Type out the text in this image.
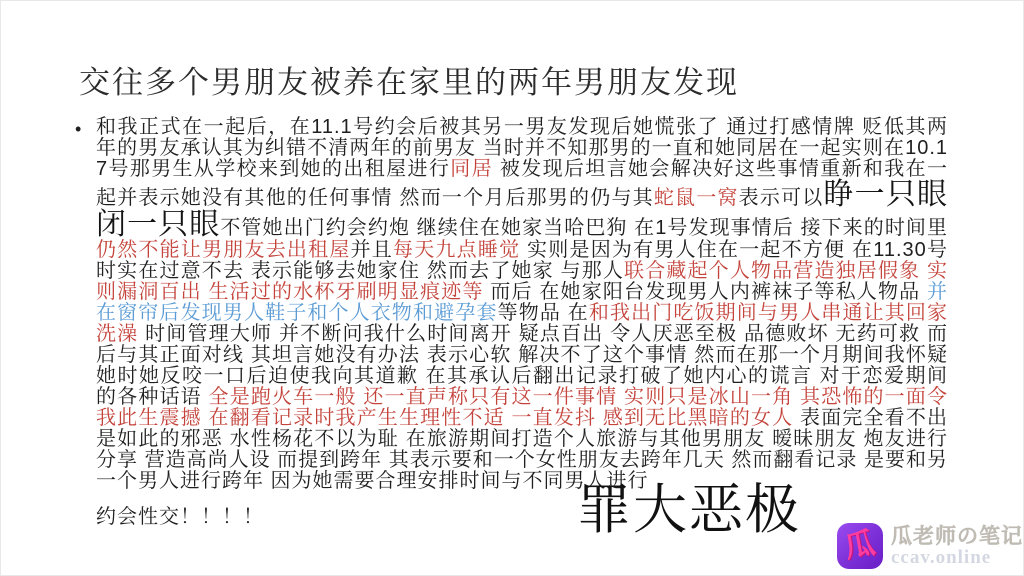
交往多个男朋友被养在家里的两年男朋友发现
• 和我正式在一起后，在11.1号约会后被其另一男友发现后她慌张了 通过打感情牌 贬低其两年的男友承认其为纠错不清两年的前男友 当时并不知那男的一直和她同居在一起实则在10.17号那男生从学校来到她的出租屋进行同居 被发现后坦言她会解决好这些事情重新和我在一起并表示她没有其他的任何事情 然而一个月后那男的仍与其蛇鼠一窝表示可以睁一只眼闭一只眼不管她出门约会约炮 继续住在她家当哈巴狗 在1号发现事情后 接下来的时间里仍然不能让男朋友去出租屋并且每天九点睡觉 实则是因为有男人住在一起不方便 在11.30号时实在过意不去 表示能够去她家住 然而去了她家 与那人联合藏起个人物品营造独居假象 实则漏洞百出 生活过的水杯牙刷明显痕迹等 而后 在她家阳台发现男人内裤袜子等私人物品 并在窗帘后发现男人鞋子和个人衣物和避孕套等物品 在和我出门吃饭期间与男人串通让其回家洗澡 时间管理大师 并不断问我什么时间离开 疑点百出 令人厌恶至极 品德败坏 无药可救 而后与其正面对线 其坦言她没有办法 表示心软 解决不了这个事情 然而在那一个月期间我怀疑她时她反咬一口后迫使我向其道歉 在其承认后翻出记录打破了她内心的谎言 对于恋爱期间的各种话语 全是跑火车一般 还一直声称只有这一件事情 实则只是冰山一角 其恐怖的一面令我此生震撼 在翻看记录时我产生生理性不适 一直发抖 感到无比黑暗的女人 表面完全看不出是如此的邪恶 水性杨花不以为耻 在旅游期间打造个人旅游与其他男朋友 暧昧朋友 炮友进行分享 营造高尚人设 而提到跨年 其表示要和一个女性朋友去跨年几天 然而翻看记录 是要和另一个男人进行跨年 因为她需要合理安排时间与不同男人进行
约会性交！！！！	罪大恶极
瓜 瓜老师の笔记
ccav.online
